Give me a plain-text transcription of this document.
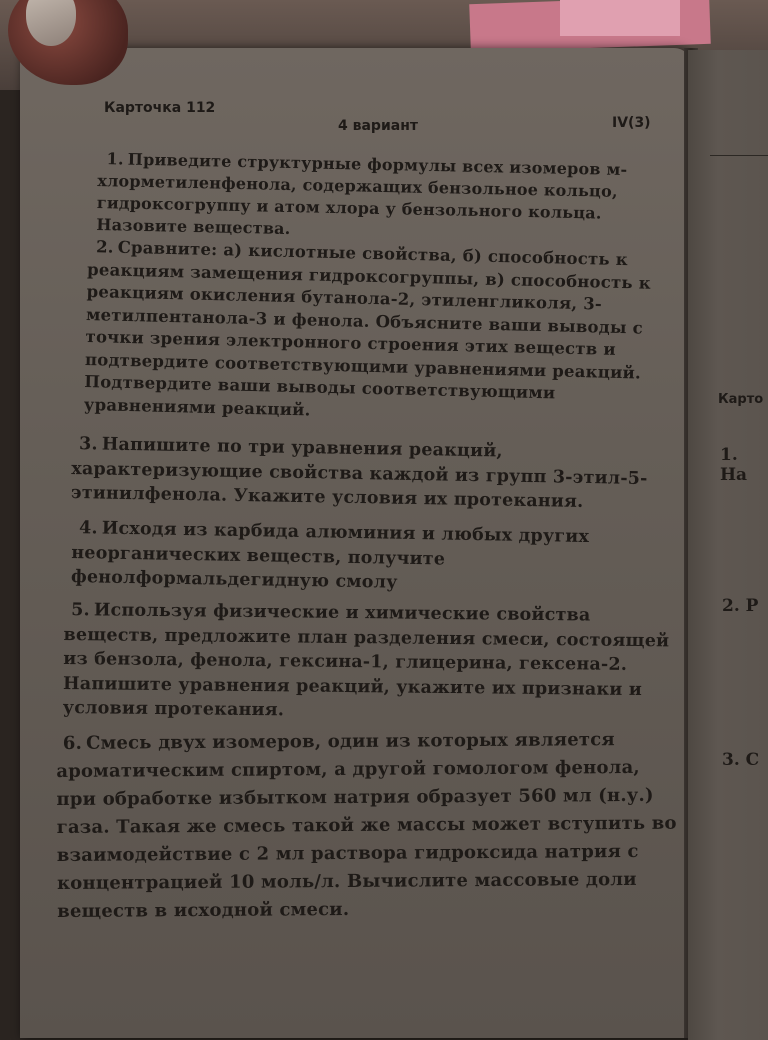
Карточка 112
4 вариант	IV(3)
1. Приведите структурные формулы всех изомеров м-хлорметиленфенола, содержащих бензольное кольцо, гидроксогруппу и атом хлора у бензольного кольца. Назовите вещества.
2. Сравните: а) кислотные свойства, б) способность к реакциям замещения гидроксогруппы, в) способность к реакциям окисления бутанола-2, этиленгликоля, 3-метилпентанола-3 и фенола. Объясните ваши выводы с точки зрения электронного строения этих веществ и подтвердите соответствующими уравнениями реакций. Подтвердите ваши выводы соответствующими уравнениями реакций.
3. Напишите по три уравнения реакций, характеризующие свойства каждой из групп 3-этил-5-этинилфенола. Укажите условия их протекания.
4. Исходя из карбида алюминия и любых других неорганических веществ, получите фенолформальдегидную смолу
5. Используя физические и химические свойства веществ, предложите план разделения смеси, состоящей из бензола, фенола, гексина-1, глицерина, гексена-2. Напишите уравнения реакций, укажите их признаки и условия протекания.
6. Смесь двух изомеров, один из которых является ароматическим спиртом, а другой гомологом фенола, при обработке избытком натрия образует 560 мл (н.у.) газа. Такая же смесь такой же массы может вступить во взаимодействие с 2 мл раствора гидроксида натрия с концентрацией 10 моль/л. Вычислите массовые доли веществ в исходной смеси.
Карто
1. На
2. Р
3. С
